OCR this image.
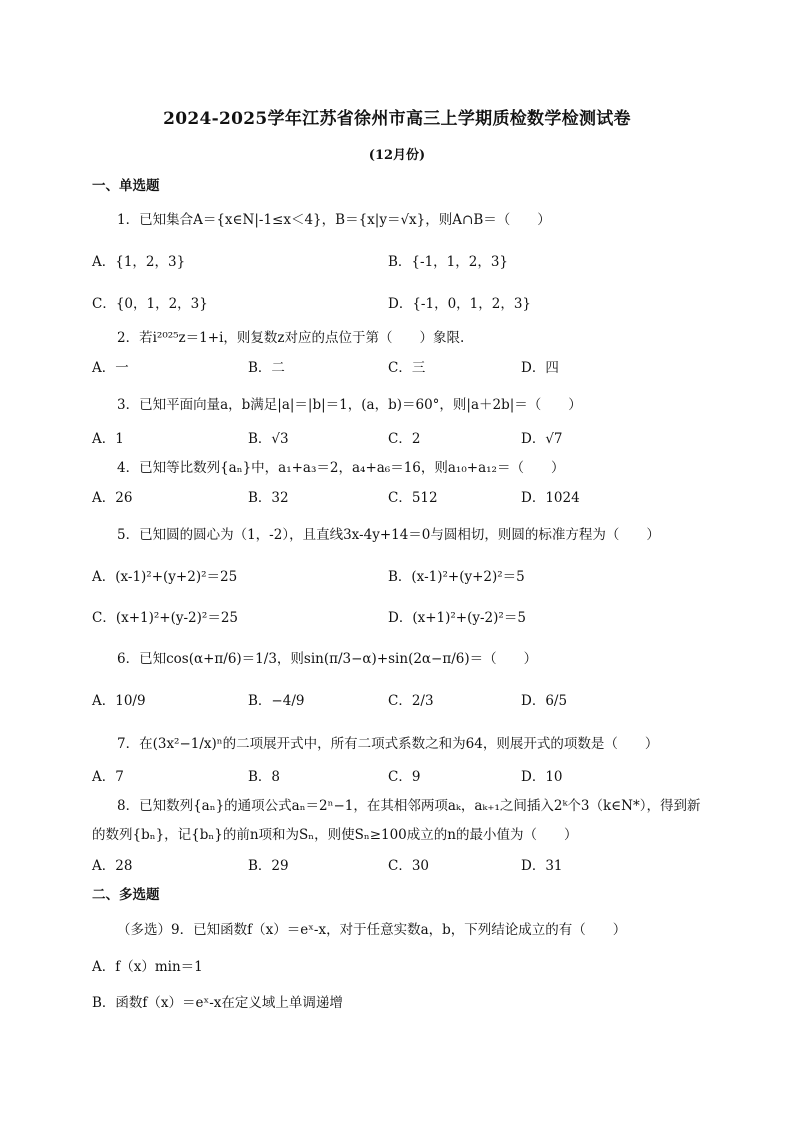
2024-2025学年江苏省徐州市高三上学期质检数学检测试卷
(12月份)
一、单选题
1．已知集合A＝{x∈N|-1≤x＜4}，B＝{x|y＝√x}，则A∩B＝（　　）
A．{1，2，3}	B．{-1，1，2，3}
C．{0，1，2，3}	D．{-1，0，1，2，3}
2．若i²⁰²⁵z＝1+i，则复数z对应的点位于第（　　）象限.
A．一	B．二	C．三	D．四
3．已知平面向量a，b满足|a|＝|b|＝1，(a，b)＝60°，则|a＋2b|＝（　　）
A．1	B．√3	C．2	D．√7
4．已知等比数列{aₙ}中，a₁+a₃＝2，a₄+a₆＝16，则a₁₀+a₁₂＝（　　）
A．26	B．32	C．512	D．1024
5．已知圆的圆心为（1，-2），且直线3x-4y+14＝0与圆相切，则圆的标准方程为（　　）
A．(x-1)²+(y+2)²＝25	B．(x-1)²+(y+2)²＝5
C．(x+1)²+(y-2)²＝25	D．(x+1)²+(y-2)²＝5
6．已知cos(α+π/6)＝1/3，则sin(π/3−α)+sin(2α−π/6)＝（　　）
A．10/9	B．−4/9	C．2/3	D．6/5
7．在(3x²−1/x)ⁿ的二项展开式中，所有二项式系数之和为64，则展开式的项数是（　　）
A．7	B．8	C．9	D．10
8．已知数列{aₙ}的通项公式aₙ＝2ⁿ−1，在其相邻两项aₖ，aₖ₊₁之间插入2ᵏ个3（k∈N*），得到新
的数列{bₙ}，记{bₙ}的前n项和为Sₙ，则使Sₙ≥100成立的n的最小值为（　　）
A．28	B．29	C．30	D．31
二、多选题
（多选）9．已知函数f（x）＝eˣ-x，对于任意实数a，b，下列结论成立的有（　　）
A．f（x）min＝1
B．函数f（x）＝eˣ-x在定义域上单调递增
